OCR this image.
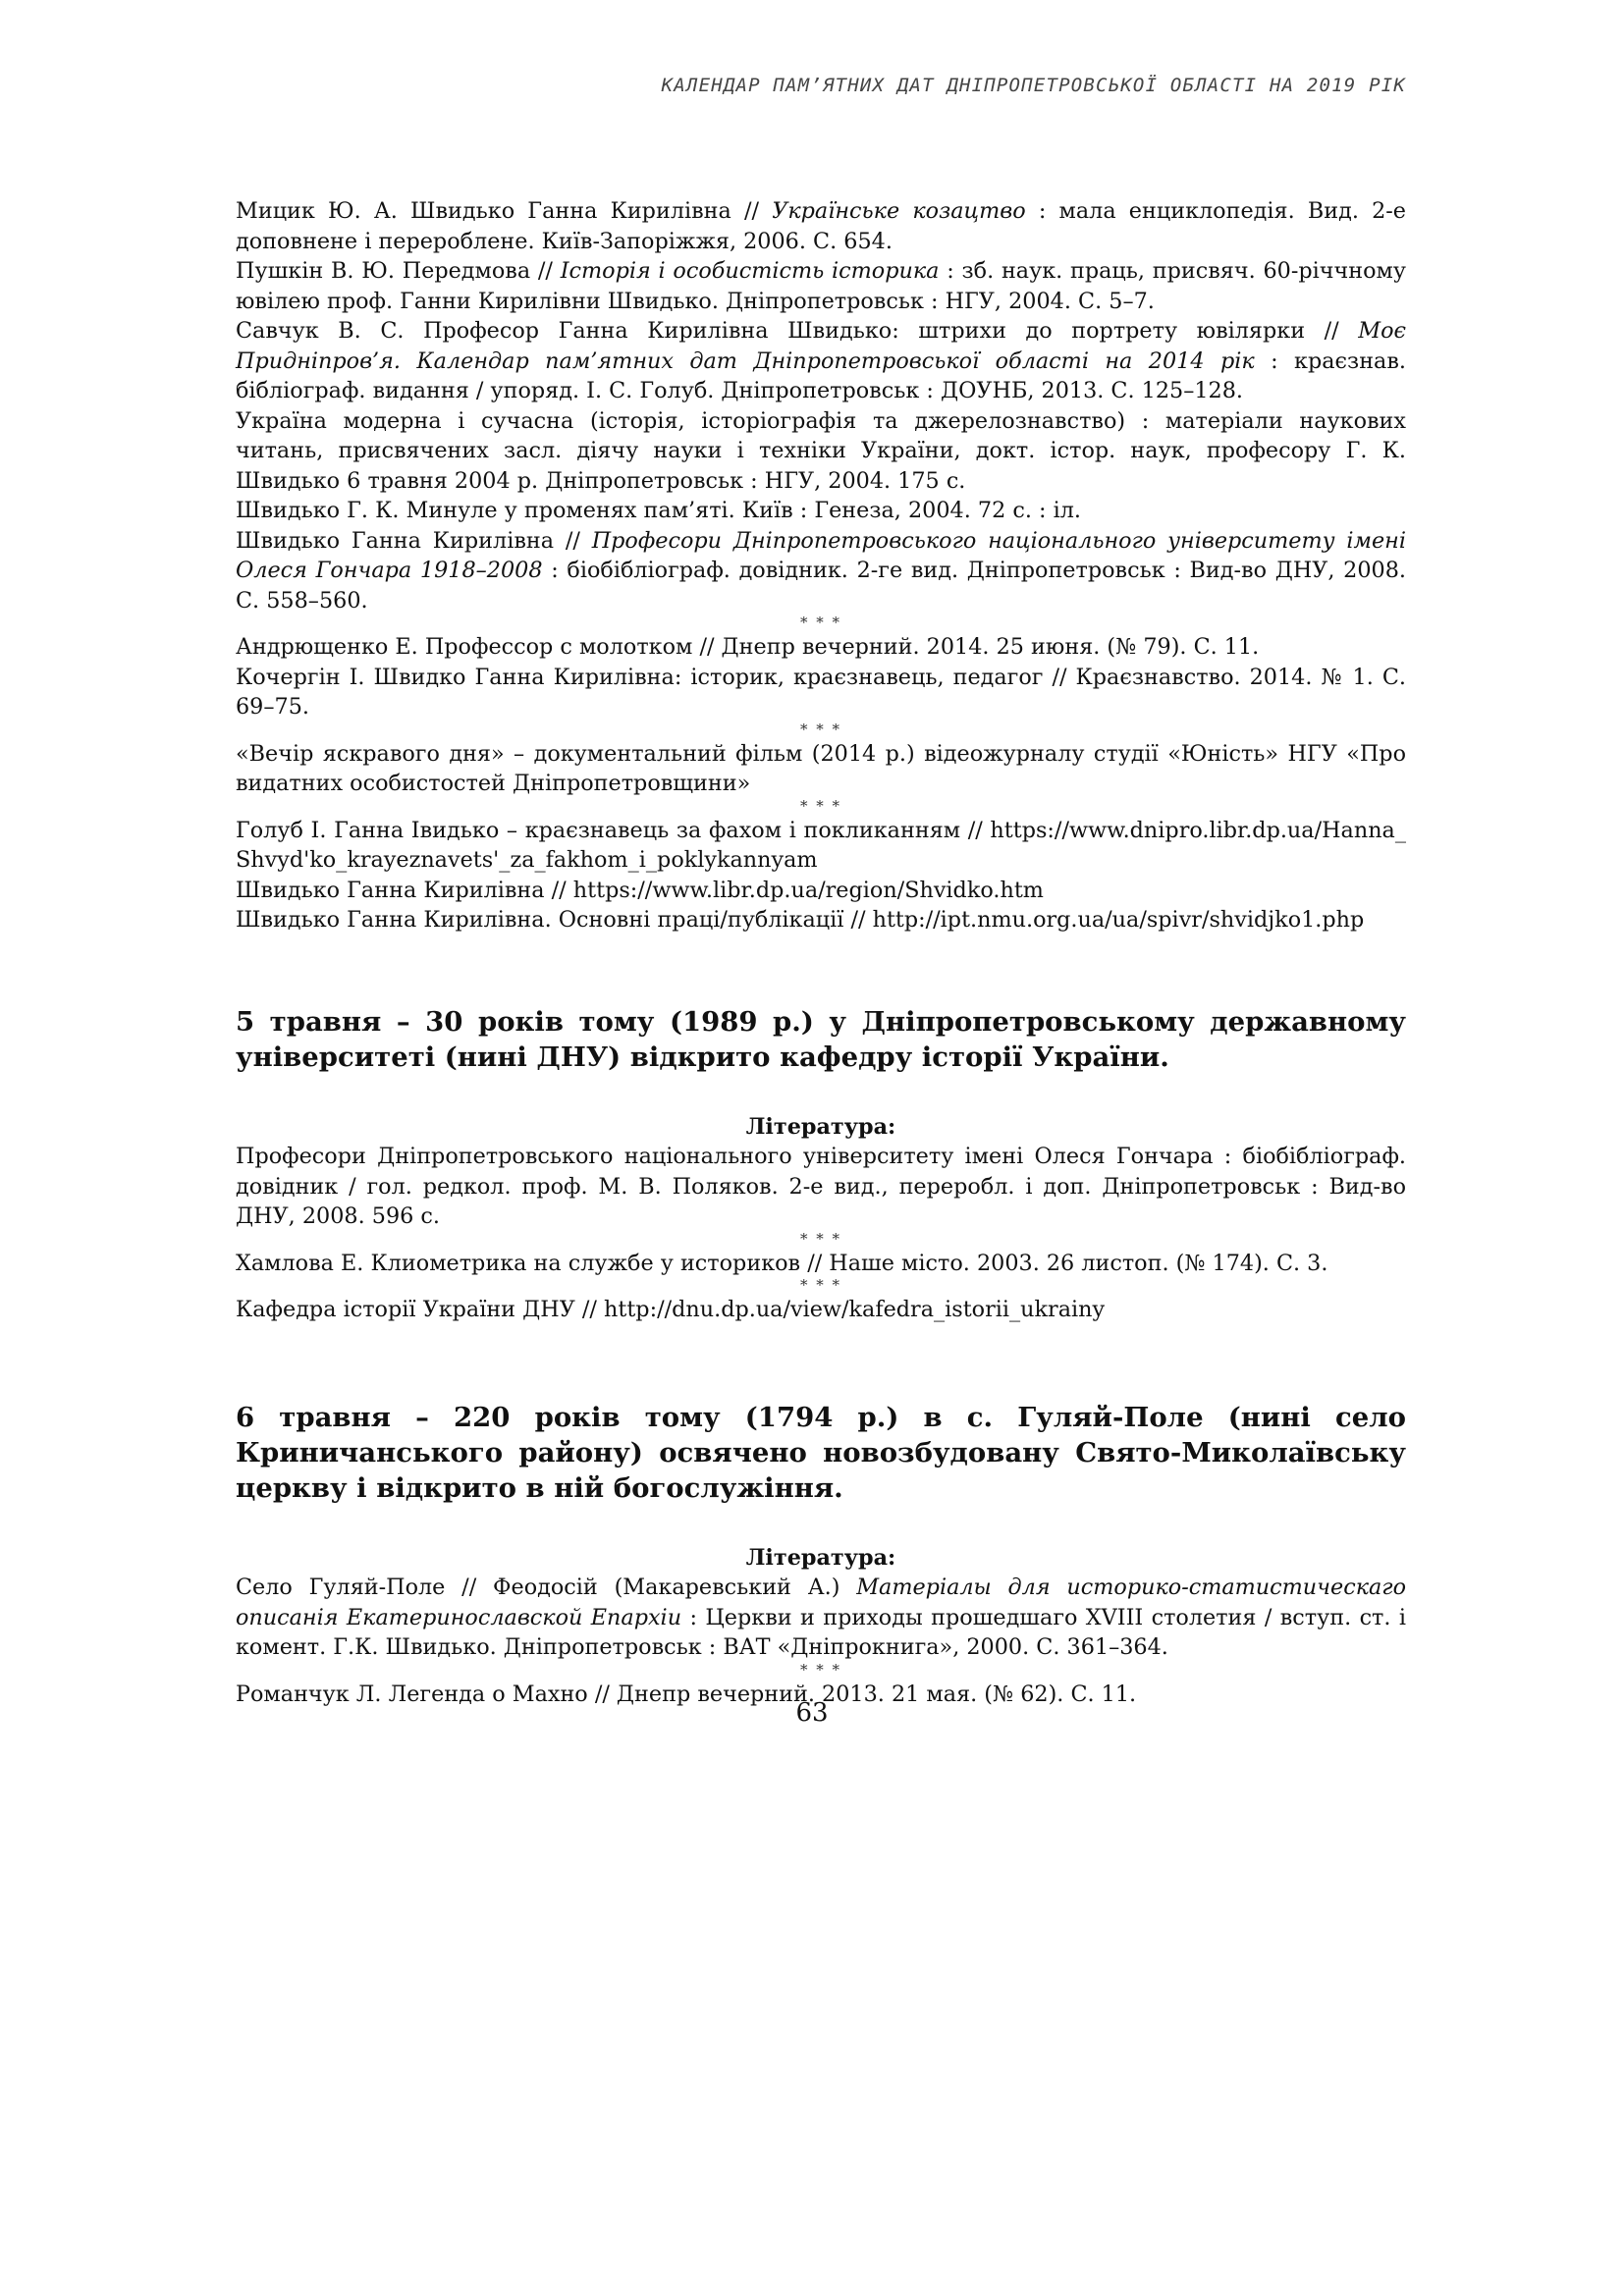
КАЛЕНДАР ПАМ’ЯТНИХ ДАТ ДНІПРОПЕТРОВСЬКОЇ ОБЛАСТІ НА 2019 РІК
Мицик Ю. А. Швидько Ганна Кирилівна // Українське козацтво : мала енциклопедія. Вид. 2-е доповнене і перероблене. Київ-Запоріжжя, 2006. С. 654.
Пушкін В. Ю. Передмова // Історія і особистість історика : зб. наук. праць, присвяч. 60-річчному ювілею проф. Ганни Кирилівни Швидько. Дніпропетровськ : НГУ, 2004. С. 5–7.
Савчук В. С. Професор Ганна Кирилівна Швидько: штрихи до портрету ювілярки // Моє Придніпров’я. Календар пам’ятних дат Дніпропетровської області на 2014 рік : краєзнав. бібліограф. видання / упоряд. І. С. Голуб. Дніпропетровськ : ДОУНБ, 2013. С. 125–128.
Україна модерна і сучасна (історія, історіографія та джерелознавство) : матеріали наукових читань, присвячених засл. діячу науки і техніки України, докт. істор. наук, професору Г. К. Швидько 6 травня 2004 р. Дніпропетровськ : НГУ, 2004. 175 с.
Швидько Г. К. Минуле у променях пам’яті. Київ : Генеза, 2004. 72 с. : іл.
Швидько Ганна Кирилівна // Професори Дніпропетровського національного університету імені Олеся Гончара 1918–2008 : біобібліограф. довідник. 2-ге вид. Дніпропетровськ : Вид-во ДНУ, 2008. С. 558–560.
* * *
Андрющенко Е. Профессор с молотком // Днепр вечерний. 2014. 25 июня. (№ 79). С. 11.
Кочергін І. Швидко Ганна Кирилівна: історик, краєзнавець, педагог // Краєзнавство. 2014. № 1. С. 69–75.
* * *
«Вечір яскравого дня» – документальний фільм (2014 р.) відеожурналу студії «Юність» НГУ «Про видатних особистостей Дніпропетровщини»
* * *
Голуб І. Ганна Івидько – краєзнавець за фахом і покликанням // https://www.dnipro.libr.dp.ua/Hanna_Shvyd'ko_krayeznavets'_za_fakhom_i_poklykannyam
Швидько Ганна Кирилівна // https://www.libr.dp.ua/region/Shvidko.htm
Швидько Ганна Кирилівна. Основні праці/публікації // http://ipt.nmu.org.ua/ua/spivr/shvidjko1.php
5 травня – 30 років тому (1989 р.) у Дніпропетровському державному університеті (нині ДНУ) відкрито кафедру історії України.
Література:
Професори Дніпропетровського національного університету імені Олеся Гончара : біобібліограф. довідник / гол. редкол. проф. М. В. Поляков. 2-е вид., переробл. і доп. Дніпропетровськ : Вид-во ДНУ, 2008. 596 с.
* * *
Хамлова Е. Клиометрика на службе у историков // Наше місто. 2003. 26 листоп. (№ 174). С. 3.
* * *
Кафедра історії України ДНУ // http://dnu.dp.ua/view/kafedra_istorii_ukrainy
6 травня – 220 років тому (1794 р.) в с. Гуляй-Поле (нині село Криничанського району) освячено новозбудовану Свято-Миколаївську церкву і відкрито в ній богослужіння.
Література:
Село Гуляй-Поле // Феодосій (Макаревський А.) Матеріалы для историко-статистическаго описанія Екатеринославской Епархіи : Церкви и приходы прошедшаго XVIII столетия / вступ. ст. і комент. Г.К. Швидько. Дніпропетровськ : ВАТ «Дніпрокнига», 2000. С. 361–364.
* * *
Романчук Л. Легенда о Махно // Днепр вечерний. 2013. 21 мая. (№ 62). С. 11.
63
